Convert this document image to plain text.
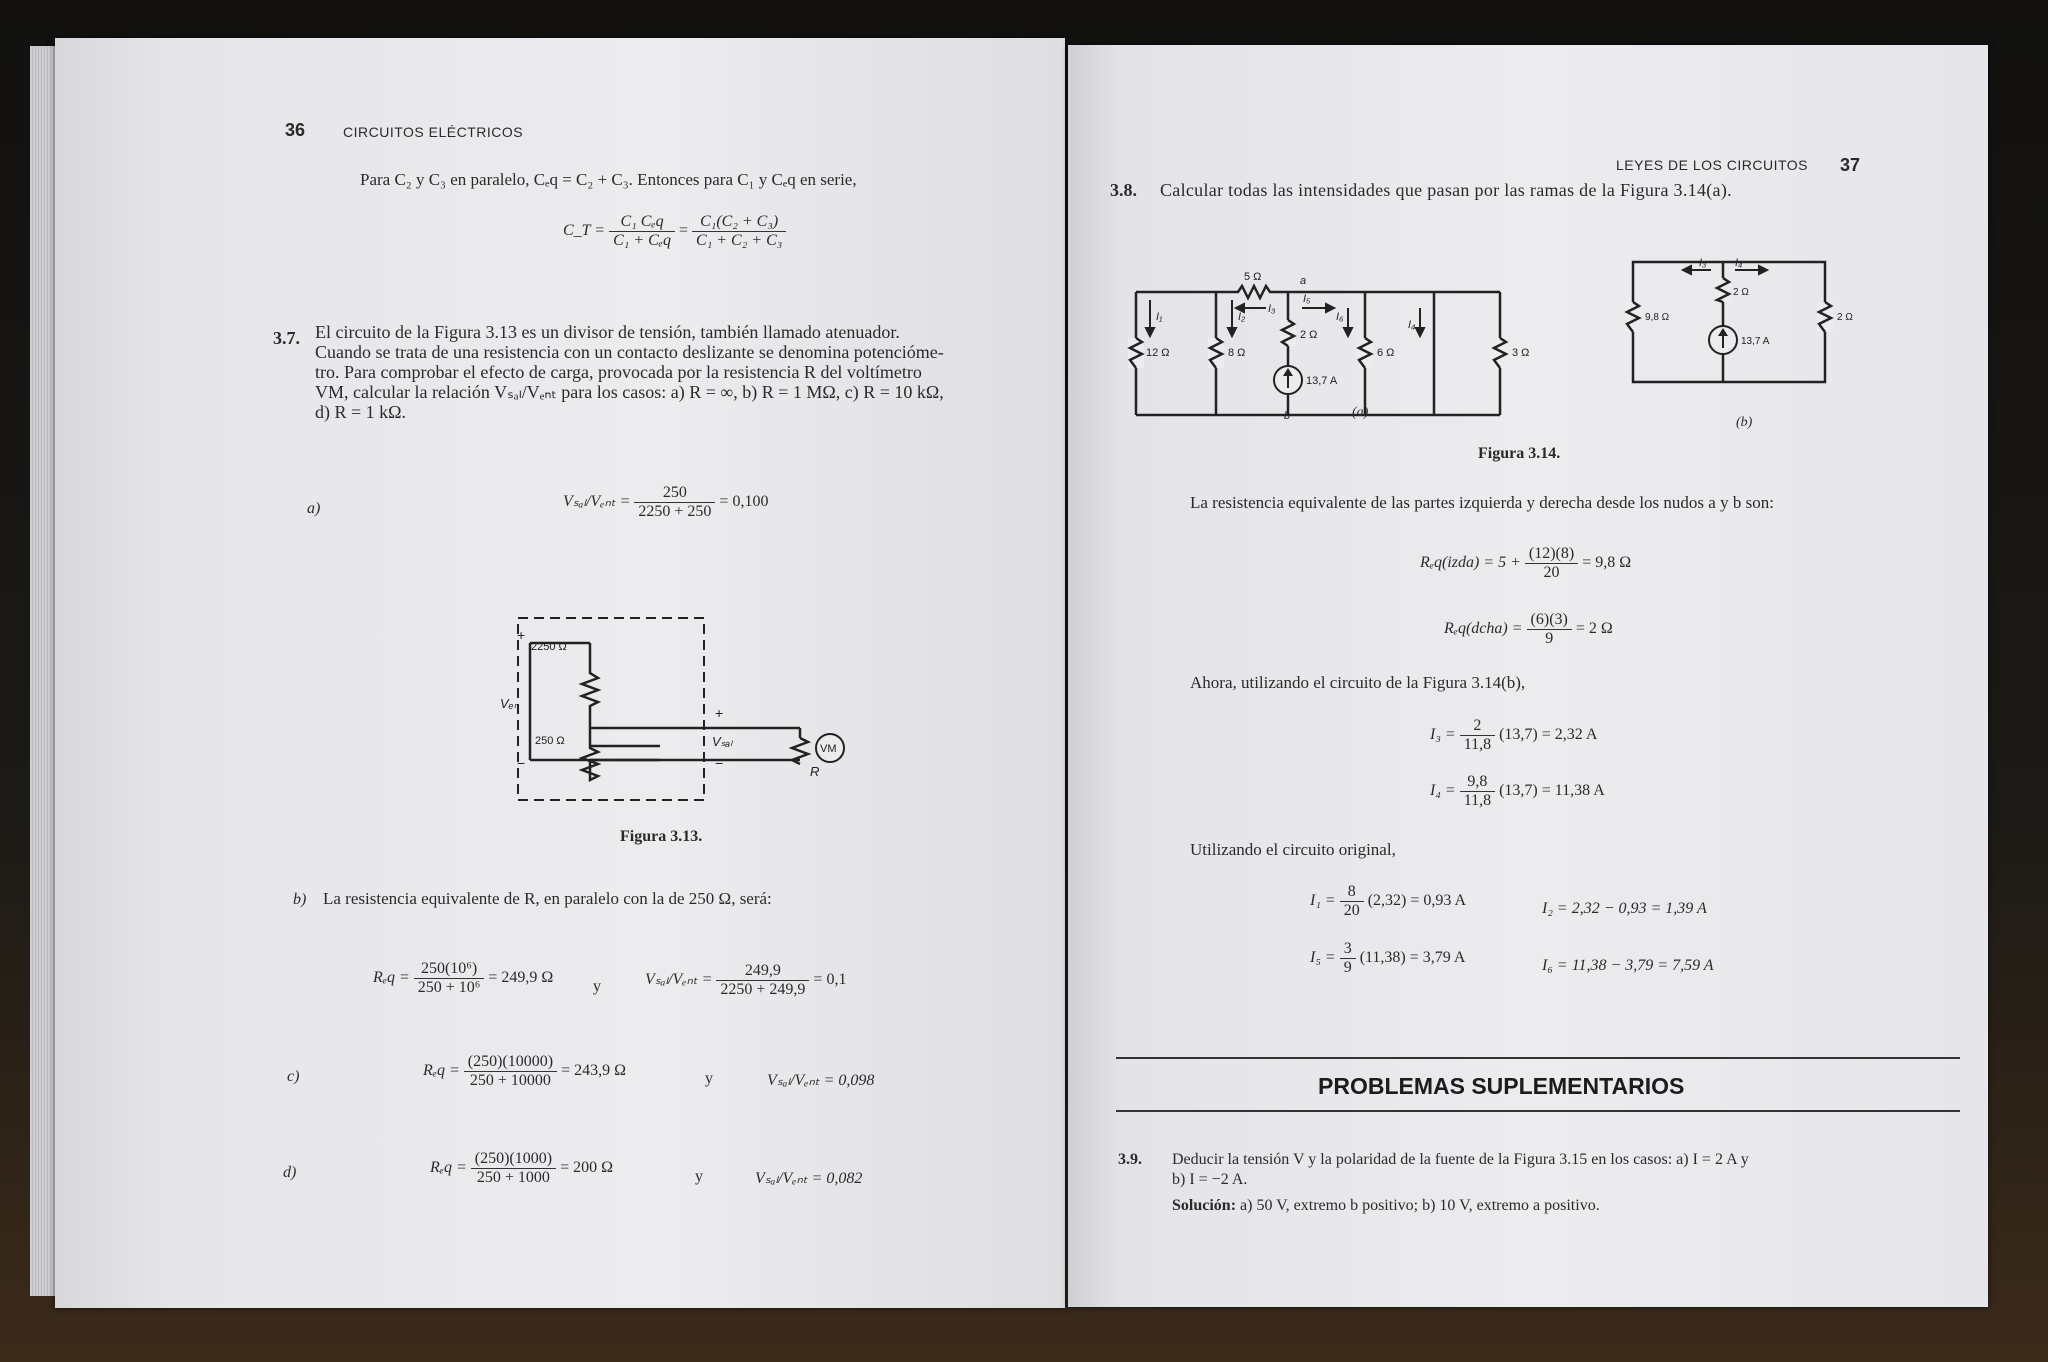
36	CIRCUITOS ELÉCTRICOS
Para C₂ y C₃ en paralelo, Cₑq = C₂ + C₃. Entonces para C₁ y Cₑq en serie,
C_T = $\frac{\text{C₁ Cₑq}}{\text{C₁ + Cₑq}} = \frac{\text{C₁(C₂ + C₃)}}{\text{C₁ + C₂ + C₃}}$
3.7. El circuito de la Figura 3.13 es un divisor de tensión, también llamado atenuador.
Cuando se trata de una resistencia con un contacto deslizante se denomina potencióme-
tro. Para comprobar el efecto de carga, provocada por la resistencia R del voltímetro
VM, calcular la relación Vₛₐₗ/Vₑₙₜ para los casos: a) R = ∞, b) R = 1 MΩ, c) R = 10 kΩ,
d) R = 1 kΩ.
a)	$V_{sal}/V_{ent} = \frac{250}{2250 + 250} = 0,100$
2250 Ω
250 Ω
Vₑₙ
+
−
+
−
Vₛₐₗ	VM
R
Figura 3.13.
b) La resistencia equivalente de R, en paralelo con la de 250 Ω, será:
$R_eq = \frac{\text{250(10⁶)}}{\text{250 + 10⁶}} = 249,9$ Ω
y	$V_{sal}/V_{ent} = \frac{249,9}{2250 + 249,9} = 0,1$
c)	$R_eq = \frac{(250)(10000)}{250 + 10000} = 243,9$ Ω	y	Vₛₐₗ/Vₑₙₜ = 0,098
d)	$R_eq = \frac{(250)(1000)}{250 + 1000} = 200$ Ω
y	Vₛₐₗ/Vₑₙₜ = 0,082
LEYES DE LOS CIRCUITOS 37
3.8. Calcular todas las intensidades que pasan por las ramas de la Figura 3.14(a).
I₁	I₂
I₃
I₅
I₆
I₄
12 Ω	8 Ω
5 Ω
2 Ω
6 Ω	3 Ω
13,7 A
a
b	(a)
I₃	I₄
9,8 Ω
2 Ω
2 Ω
13,7 A
(b)
Figura 3.14.
La resistencia equivalente de las partes izquierda y derecha desde los nudos a y b son:
Rₑq(izda) = $5 + \frac{(12)(8)}{20} = 9,8$ Ω
Rₑq(dcha) = $\frac{(6)(3)}{9} = 2$ Ω
Ahora, utilizando el circuito de la Figura 3.14(b),
$I_3 = \frac{2}{11,8} (13,7) = 2,32$ A
$I_4 = \frac{9,8}{11,8} (13,7) = 11,38$ A
Utilizando el circuito original,
$I_1 = \frac{8}{20} (2,32) = 0,93$ A	I₂ = 2,32 − 0,93 = 1,39 A
$I_5 = \frac{3}{9} (11,38) = 3,79$ A	I₆ = 11,38 − 3,79 = 7,59 A
PROBLEMAS SUPLEMENTARIOS
3.9. Deducir la tensión V y la polaridad de la fuente de la Figura 3.15 en los casos: a) I = 2 A y
b) I = −2 A.
Solución: a) 50 V, extremo b positivo; b) 10 V, extremo a positivo.
